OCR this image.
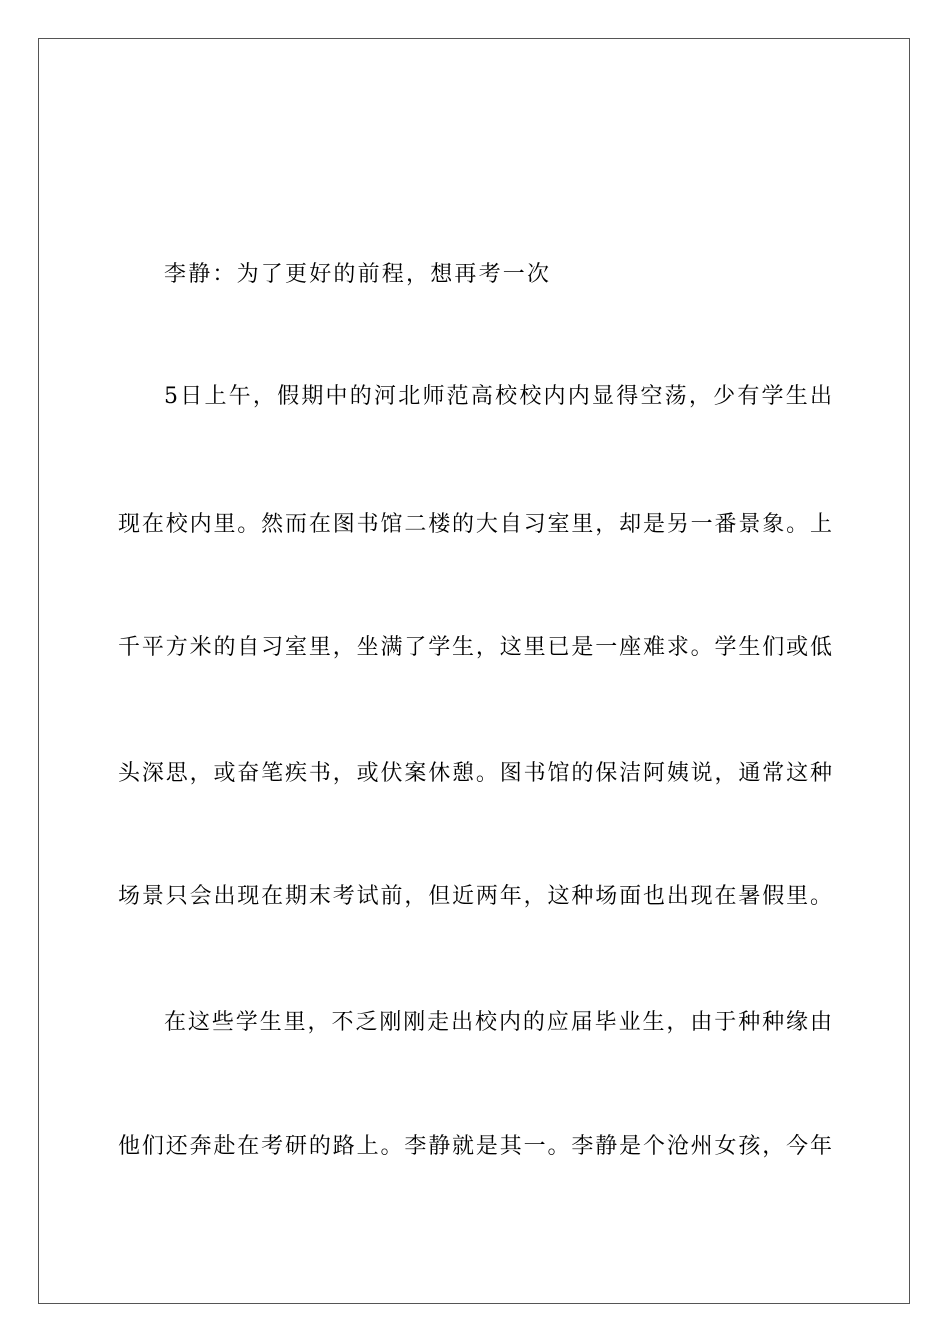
李静：为了更好的前程，想再考一次
5日上午，假期中的河北师范高校校内内显得空荡，少有学生出
现在校内里。然而在图书馆二楼的大自习室里，却是另一番景象。上
千平方米的自习室里，坐满了学生，这里已是一座难求。学生们或低
头深思，或奋笔疾书，或伏案休憩。图书馆的保洁阿姨说，通常这种
场景只会出现在期末考试前，但近两年，这种场面也出现在暑假里。
在这些学生里，不乏刚刚走出校内的应届毕业生，由于种种缘由
他们还奔赴在考研的路上。李静就是其一。李静是个沧州女孩，今年
